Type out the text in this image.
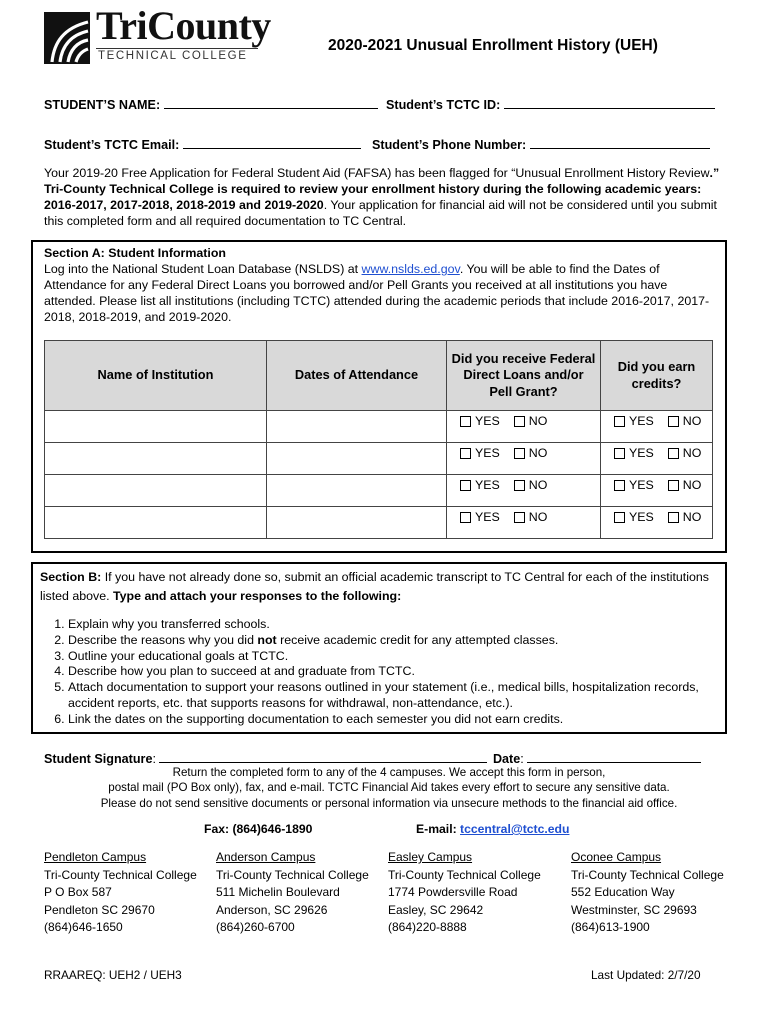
TriCounty
TECHNICAL COLLEGE
2020-2021 Unusual Enrollment History (UEH)
STUDENT’S NAME:	Student’s TCTC ID:
Student’s TCTC Email:	Student’s Phone Number:
Your 2019-20 Free Application for Federal Student Aid (FAFSA) has been flagged for “Unusual Enrollment History Review.”
Tri-County Technical College is required to review your enrollment history during the following academic years: 2016-2017, 2017-2018, 2018-2019 and 2019-2020. Your application for financial aid will not be considered until you submit this completed form and all required documentation to TC Central.
Section A: Student Information
Log into the National Student Loan Database (NSLDS) at www.nslds.ed.gov. You will be able to find the Dates of Attendance for any Federal Direct Loans you borrowed and/or Pell Grants you received at all institutions you have attended. Please list all institutions (including TCTC) attended during the academic periods that include 2016-2017, 2017-2018, 2018-2019, and 2019-2020.
Name of Institution	Dates of Attendance	Did you receive Federal Direct Loans and/or Pell Grant?	Did you earn credits?

		YES NO	YES NO

		YES NO	YES NO

		YES NO	YES NO

		YES NO	YES NO
Section B: If you have not already done so, submit an official academic transcript to TC Central for each of the institutions listed above. Type and attach your responses to the following:
1. Explain why you transferred schools.
2. Describe the reasons why you did not receive academic credit for any attempted classes.
3. Outline your educational goals at TCTC.
4. Describe how you plan to succeed at and graduate from TCTC.
5. Attach documentation to support your reasons outlined in your statement (i.e., medical bills, hospitalization records, accident reports, etc. that supports reasons for withdrawal, non-attendance, etc.).
6. Link the dates on the supporting documentation to each semester you did not earn credits.
Student Signature:	Date:
Return the completed form to any of the 4 campuses. We accept this form in person,
postal mail (PO Box only), fax, and e-mail. TCTC Financial Aid takes every effort to secure any sensitive data.
Please do not send sensitive documents or personal information via unsecure methods to the financial aid office.
Fax: (864)646-1890	E-mail: tccentral@tctc.edu
Pendleton Campus
Tri-County Technical College
P O Box 587
Pendleton SC 29670
(864)646-1650
Anderson Campus
Tri-County Technical College
511 Michelin Boulevard
Anderson, SC 29626
(864)260-6700
Easley Campus
Tri-County Technical College
1774 Powdersville Road
Easley, SC 29642
(864)220-8888
Oconee Campus
Tri-County Technical College
552 Education Way
Westminster, SC 29693
(864)613-1900
RRAAREQ: UEH2 / UEH3	Last Updated: 2/7/20
